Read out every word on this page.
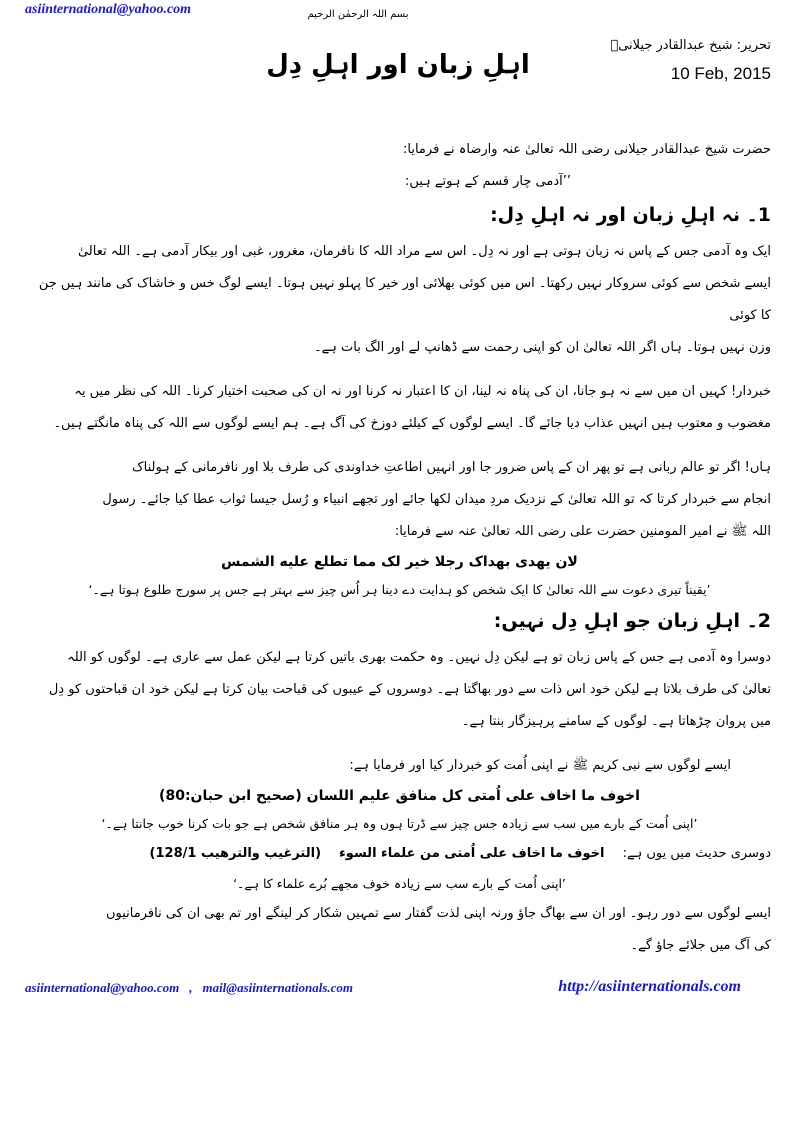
asiinternational@yahoo.com	بسم اللہ الرحمٰن الرحیم
تحریر: شیخ عبدالقادر جیلانیؒ
10 Feb, 2015
اہلِ زبان اور اہلِ دِل

حضرت شیخ عبدالقادر جیلانی رضی اللہ تعالیٰ عنہ وارضاہ نے فرمایا:

’’آدمی چار قسم کے ہوتے ہیں:

1۔ نہ اہلِ زبان اور نہ اہلِ دِل:

ایک وہ آدمی جس کے پاس نہ زبان ہوتی ہے اور نہ دِل۔ اس سے مراد اللہ کا نافرمان، مغرور، غبی اور بیکار آدمی ہے۔ اللہ تعالیٰ
ایسے شخص سے کوئی سروکار نہیں رکھتا۔ اس میں کوئی بھلائی اور خیر کا پہلو نہیں ہوتا۔ ایسے لوگ خس و خاشاک کی مانند ہیں جن کا کوئی
وزن نہیں ہوتا۔ ہاں اگر اللہ تعالیٰ ان کو اپنی رحمت سے ڈھانپ لے اور الگ بات ہے۔

خبردار! کہیں ان میں سے نہ ہو جانا، ان کی پناہ نہ لینا، ان کا اعتبار نہ کرنا اور نہ ان کی صحبت اختیار کرنا۔ اللہ کی نظر میں یہ
مغضوب و معتوب ہیں انہیں عذاب دیا جائے گا۔ ایسے لوگوں کے کیلئے دوزخ کی آگ ہے۔ ہم ایسے لوگوں سے اللہ کی پناہ مانگتے ہیں۔

ہاں! اگر تو عالم ربانی ہے تو پھر ان کے پاس ضرور جا اور انہیں اطاعتِ خداوندی کی طرف بلا اور نافرمانی کے ہولناک
انجام سے خبردار کرتا کہ تو اللہ تعالیٰ کے نزدیک مردِ میدان لکھا جائے اور تجھے انبیاء و رُسل جیسا ثواب عطا کیا جائے۔ رسول
اللہ ﷺ نے امیر المومنین حضرت علی رضی اللہ تعالیٰ عنہ سے فرمایا:

لان یھدی بھداک رجلا خیر لک مما تطلع علیه الشمس

’یقیناً تیری دعوت سے اللہ تعالیٰ کا ایک شخص کو ہدایت دے دینا ہر اُس چیز سے بہتر ہے جس پر سورج طلوع ہوتا ہے۔‘

2۔ اہلِ زبان جو اہلِ دِل نہیں:

دوسرا وہ آدمی ہے جس کے پاس زبان تو ہے لیکن دِل نہیں۔ وہ حکمت بھری باتیں کرتا ہے لیکن عمل سے عاری ہے۔ لوگوں کو اللہ
تعالیٰ کی طرف بلاتا ہے لیکن خود اس ذات سے دور بھاگتا ہے۔ دوسروں کے عیبوں کی قباحت بیان کرتا ہے لیکن خود ان قباحتوں کو دِل
میں پروان چڑھاتا ہے۔ لوگوں کے سامنے پرہیزگار بنتا ہے۔

ایسے لوگوں سے نبی کریم ﷺ نے اپنی اُمت کو خبردار کیا اور فرمایا ہے:

اخوف ما اخاف علی اُمتی کل منافق علیم اللسان (صحیح ابن حبان:80)

’اپنی اُمت کے بارے میں سب سے زیادہ جس چیز سے ڈرتا ہوں وہ ہر منافق شخص ہے جو بات کرنا خوب جانتا ہے۔‘

دوسری حدیث میں یوں ہے: اخوف ما اخاف علی اُمتی من علماء السوء (الترغیب والترھیب 128/1)

’اپنی اُمت کے بارے سب سے زیادہ خوف مجھے بُرے علماء کا ہے۔‘

ایسے لوگوں سے دور رہو۔ اور ان سے بھاگ جاؤ ورنہ اپنی لذت گفتار سے تمہیں شکار کر لینگے اور تم بھی ان کی نافرمانیوں
کی آگ میں جلائے جاؤ گے۔

asiinternational@yahoo.com , mail@asiinternationals.com	http://asiinternationals.com
